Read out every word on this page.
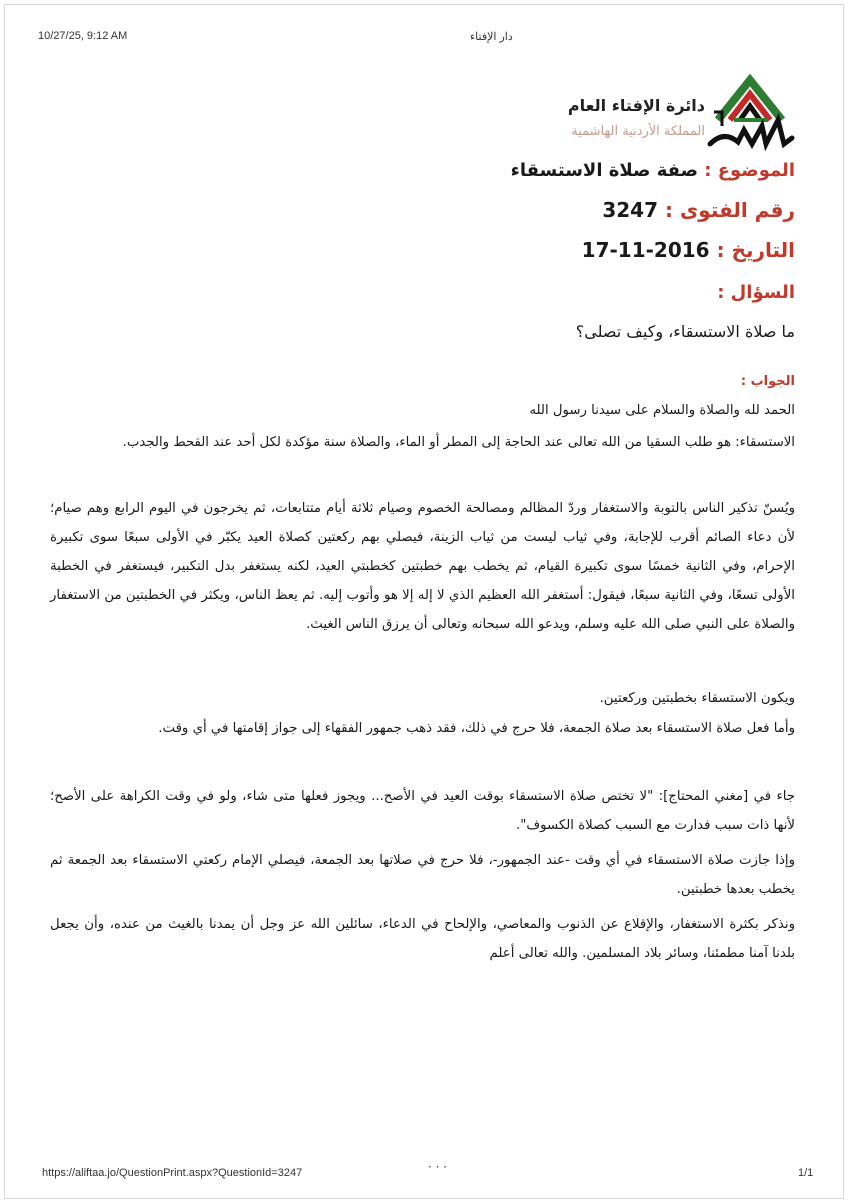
10/27/25, 9:12 AM	دار الإفتاء
دائرة الإفتاء العام
المملكة الأردنية الهاشمية
الموضوع : صفة صلاة الاستسقاء
رقم الفتوى : 3247
التاريخ : 17-11-2016
السؤال :
ما صلاة الاستسقاء، وكيف تصلى؟
الجواب :
الحمد لله والصلاة والسلام على سيدنا رسول الله
الاستسقاء: هو طلب السقيا من الله تعالى عند الحاجة إلى المطر أو الماء، والصلاة سنة مؤكدة لكل أحد عند القحط والجدب.
ويُسنّ تذكير الناس بالتوبة والاستغفار وردّ المظالم ومصالحة الخصوم وصيام ثلاثة أيام متتابعات، ثم يخرجون في اليوم الرابع وهم صيام؛ لأن دعاء الصائم أقرب للإجابة، وفي ثياب ليست من ثياب الزينة، فيصلي بهم ركعتين كصلاة العيد يكبّر في الأولى سبعًا سوى تكبيرة الإحرام، وفي الثانية خمسًا سوى تكبيرة القيام، ثم يخطب بهم خطبتين كخطبتي العيد، لكنه يستغفر بدل التكبير، فيستغفر في الخطبة الأولى تسعًا، وفي الثانية سبعًا، فيقول: أستغفر الله العظيم الذي لا إله إلا هو وأتوب إليه. ثم يعظ الناس، ويكثر في الخطبتين من الاستغفار والصلاة على النبي صلى الله عليه وسلم، ويدعو الله سبحانه وتعالى أن يرزق الناس الغيث.
ويكون الاستسقاء بخطبتين وركعتين.
وأما فعل صلاة الاستسقاء بعد صلاة الجمعة، فلا حرج في ذلك، فقد ذهب جمهور الفقهاء إلى جواز إقامتها في أي وقت.
جاء في [مغني المحتاج]: "لا تختص صلاة الاستسقاء بوقت العيد في الأصح... ويجوز فعلها متى شاء، ولو في وقت الكراهة على الأصح؛ لأنها ذات سبب فدارت مع السبب كصلاة الكسوف".
وإذا جازت صلاة الاستسقاء في أي وقت -عند الجمهور-، فلا حرج في صلاتها بعد الجمعة، فيصلي الإمام ركعتي الاستسقاء بعد الجمعة ثم يخطب بعدها خطبتين.
ونذكر بكثرة الاستغفار، والإقلاع عن الذنوب والمعاصي، والإلحاح في الدعاء، سائلين الله عز وجل أن يمدنا بالغيث من عنده، وأن يجعل بلدنا آمنا مطمئنا، وسائر بلاد المسلمين. والله تعالى أعلم
· · ·
https://aliftaa.jo/QuestionPrint.aspx?QuestionId=3247	1/1
